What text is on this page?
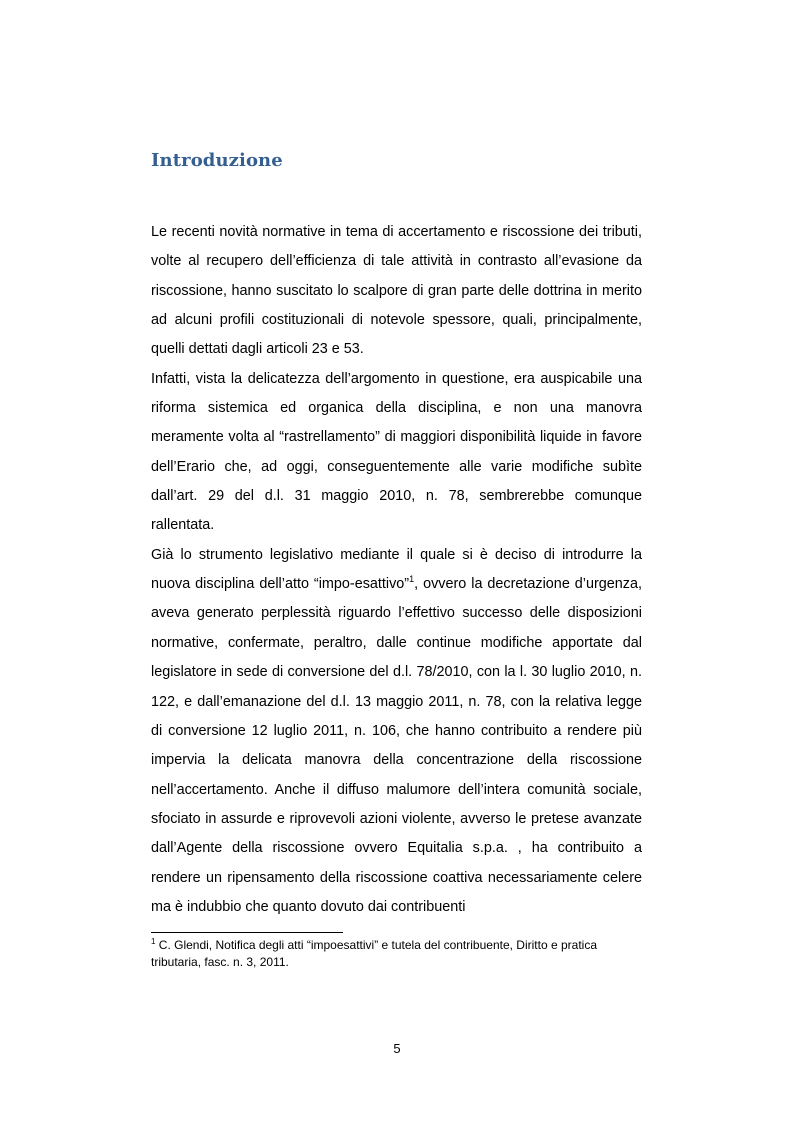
Introduzione

Le recenti novità normative in tema di accertamento e riscossione dei tributi, volte al recupero dell’efficienza di tale attività in contrasto all’evasione da riscossione, hanno suscitato lo scalpore di gran parte delle dottrina in merito ad alcuni profili costituzionali di notevole spessore, quali, principalmente, quelli dettati dagli articoli 23 e 53.

Infatti, vista la delicatezza dell’argomento in questione, era auspicabile una riforma sistemica ed organica della disciplina, e non una manovra meramente volta al “rastrellamento” di maggiori disponibilità liquide in favore dell’Erario che, ad oggi, conseguentemente alle varie modifiche subìte dall’art. 29 del d.l. 31 maggio 2010, n. 78, sembrerebbe comunque rallentata.

Già lo strumento legislativo mediante il quale si è deciso di introdurre la nuova disciplina dell’atto “impo-esattivo”$^1$, ovvero la decretazione d’urgenza, aveva generato perplessità riguardo l’effettivo successo delle disposizioni normative, confermate, peraltro, dalle continue modifiche apportate dal legislatore in sede di conversione del d.l. 78/2010, con la l. 30 luglio 2010, n. 122, e dall’emanazione del d.l. 13 maggio 2011, n. 78, con la relativa legge di conversione 12 luglio 2011, n. 106, che hanno contribuito a rendere più impervia la delicata manovra della concentrazione della riscossione nell’accertamento. Anche il diffuso malumore dell’intera comunità sociale, sfociato in assurde e riprovevoli azioni violente, avverso le pretese avanzate dall’Agente della riscossione ovvero Equitalia s.p.a. , ha contribuito a rendere un ripensamento della riscossione coattiva necessariamente celere ma è indubbio che quanto dovuto dai contribuenti

$^1$ C. Glendi, Notifica degli atti “impoesattivi” e tutela del contribuente, Diritto e pratica tributaria, fasc. n. 3, 2011.
5
